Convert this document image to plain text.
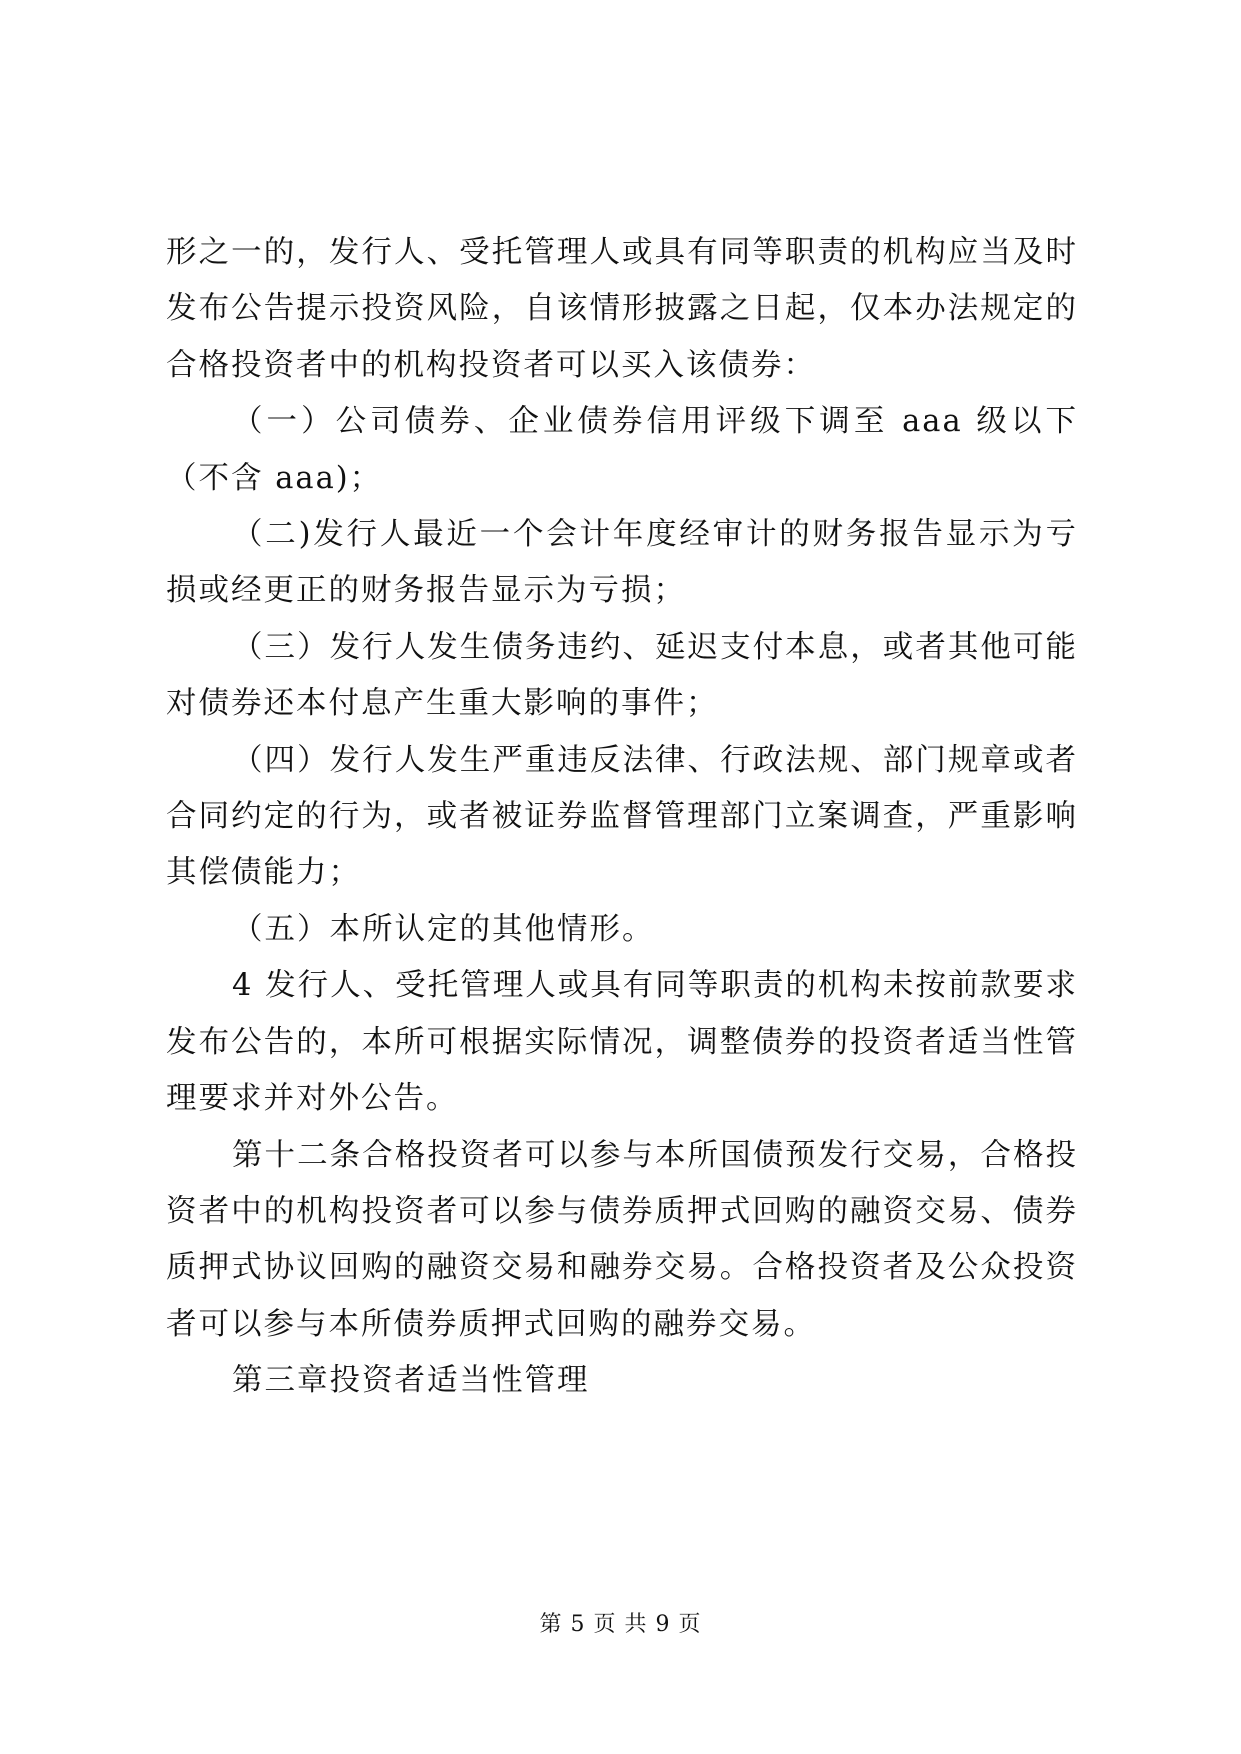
形之一的，发行人、受托管理人或具有同等职责的机构应当及时发布公告提示投资风险，自该情形披露之日起，仅本办法规定的合格投资者中的机构投资者可以买入该债券：

（一）公司债券、企业债券信用评级下调至 aaa 级以下（不含 aaa)；

（二)发行人最近一个会计年度经审计的财务报告显示为亏损或经更正的财务报告显示为亏损；

（三）发行人发生债务违约、延迟支付本息，或者其他可能对债券还本付息产生重大影响的事件；

（四）发行人发生严重违反法律、行政法规、部门规章或者合同约定的行为，或者被证券监督管理部门立案调查，严重影响其偿债能力；

（五）本所认定的其他情形。

4 发行人、受托管理人或具有同等职责的机构未按前款要求发布公告的，本所可根据实际情况，调整债券的投资者适当性管理要求并对外公告。

第十二条合格投资者可以参与本所国债预发行交易，合格投资者中的机构投资者可以参与债券质押式回购的融资交易、债券质押式协议回购的融资交易和融券交易。合格投资者及公众投资者可以参与本所债券质押式回购的融券交易。

第三章投资者适当性管理

第 5 页 共 9 页
